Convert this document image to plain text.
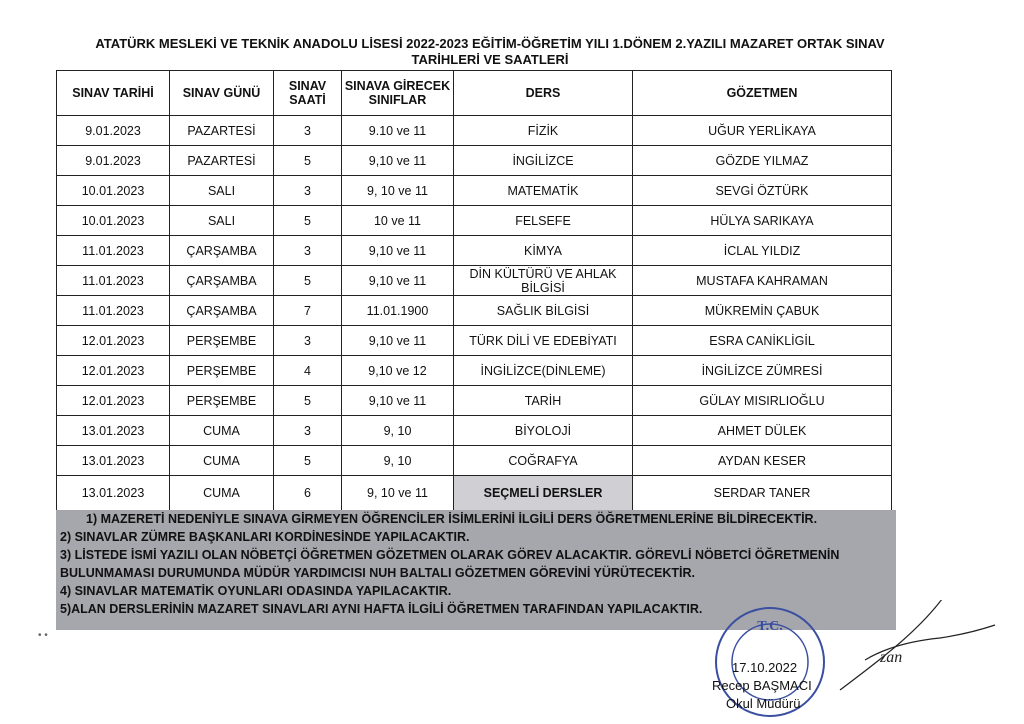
ATATÜRK MESLEKİ VE TEKNİK ANADOLU LİSESİ 2022-2023 EĞİTİM-ÖĞRETİM YILI 1.DÖNEM 2.YAZILI MAZARET ORTAK SINAV
TARİHLERİ VE SAATLERİ
SINAV TARİHİ	SINAV GÜNÜ	SINAV SAATİ	SINAVA GİRECEK SINIFLAR	DERS	GÖZETMEN
9.01.2023	PAZARTESİ	3	9.10 ve 11	FİZİK	UĞUR YERLİKAYA
9.01.2023	PAZARTESİ	5	9,10 ve 11	İNGİLİZCE	GÖZDE YILMAZ
10.01.2023	SALI	3	9, 10 ve 11	MATEMATİK	SEVGİ ÖZTÜRK
10.01.2023	SALI	5	10 ve 11	FELSEFE	HÜLYA SARIKAYA
11.01.2023	ÇARŞAMBA	3	9,10 ve 11	KİMYA	İCLAL YILDIZ
11.01.2023	ÇARŞAMBA	5	9,10 ve 11	DİN KÜLTÜRÜ VE AHLAK BİLGİSİ	MUSTAFA KAHRAMAN
11.01.2023	ÇARŞAMBA	7	11.01.1900	SAĞLIK BİLGİSİ	MÜKREMİN ÇABUK
12.01.2023	PERŞEMBE	3	9,10 ve 11	TÜRK DİLİ VE EDEBİYATI	ESRA CANİKLİGİL
12.01.2023	PERŞEMBE	4	9,10 ve 12	İNGİLİZCE(DİNLEME)	İNGİLİZCE ZÜMRESİ
12.01.2023	PERŞEMBE	5	9,10 ve 11	TARİH	GÜLAY MISIRLIOĞLU
13.01.2023	CUMA	3	9, 10	BİYOLOJİ	AHMET DÜLEK
13.01.2023	CUMA	5	9, 10	COĞRAFYA	AYDAN KESER
13.01.2023	CUMA	6	9, 10 ve 11	SEÇMELİ DERSLER	SERDAR TANER
1) MAZERETİ NEDENİYLE SINAVA GİRMEYEN ÖĞRENCİLER İSİMLERİNİ İLGİLİ DERS ÖĞRETMENLERİNE BİLDİRECEKTİR.
2) SINAVLAR ZÜMRE BAŞKANLARI KORDİNESİNDE YAPILACAKTIR.
3) LİSTEDE İSMİ YAZILI OLAN NÖBETÇİ ÖĞRETMEN GÖZETMEN OLARAK GÖREV ALACAKTIR. GÖREVLİ NÖBETCİ ÖĞRETMENİN BULUNMAMASI DURUMUNDA MÜDÜR YARDIMCISI NUH BALTALI GÖZETMEN GÖREVİNİ YÜRÜTECEKTİR.
4) SINAVLAR MATEMATİK OYUNLARI ODASINDA YAPILACAKTIR.
5)ALAN DERSLERİNİN MAZARET SINAVLARI AYNI HAFTA İLGİLİ ÖĞRETMEN TARAFINDAN YAPILACAKTIR.
T.C.
zan
17.10.2022
Recep BAŞMACI
Okul Müdürü
• •
